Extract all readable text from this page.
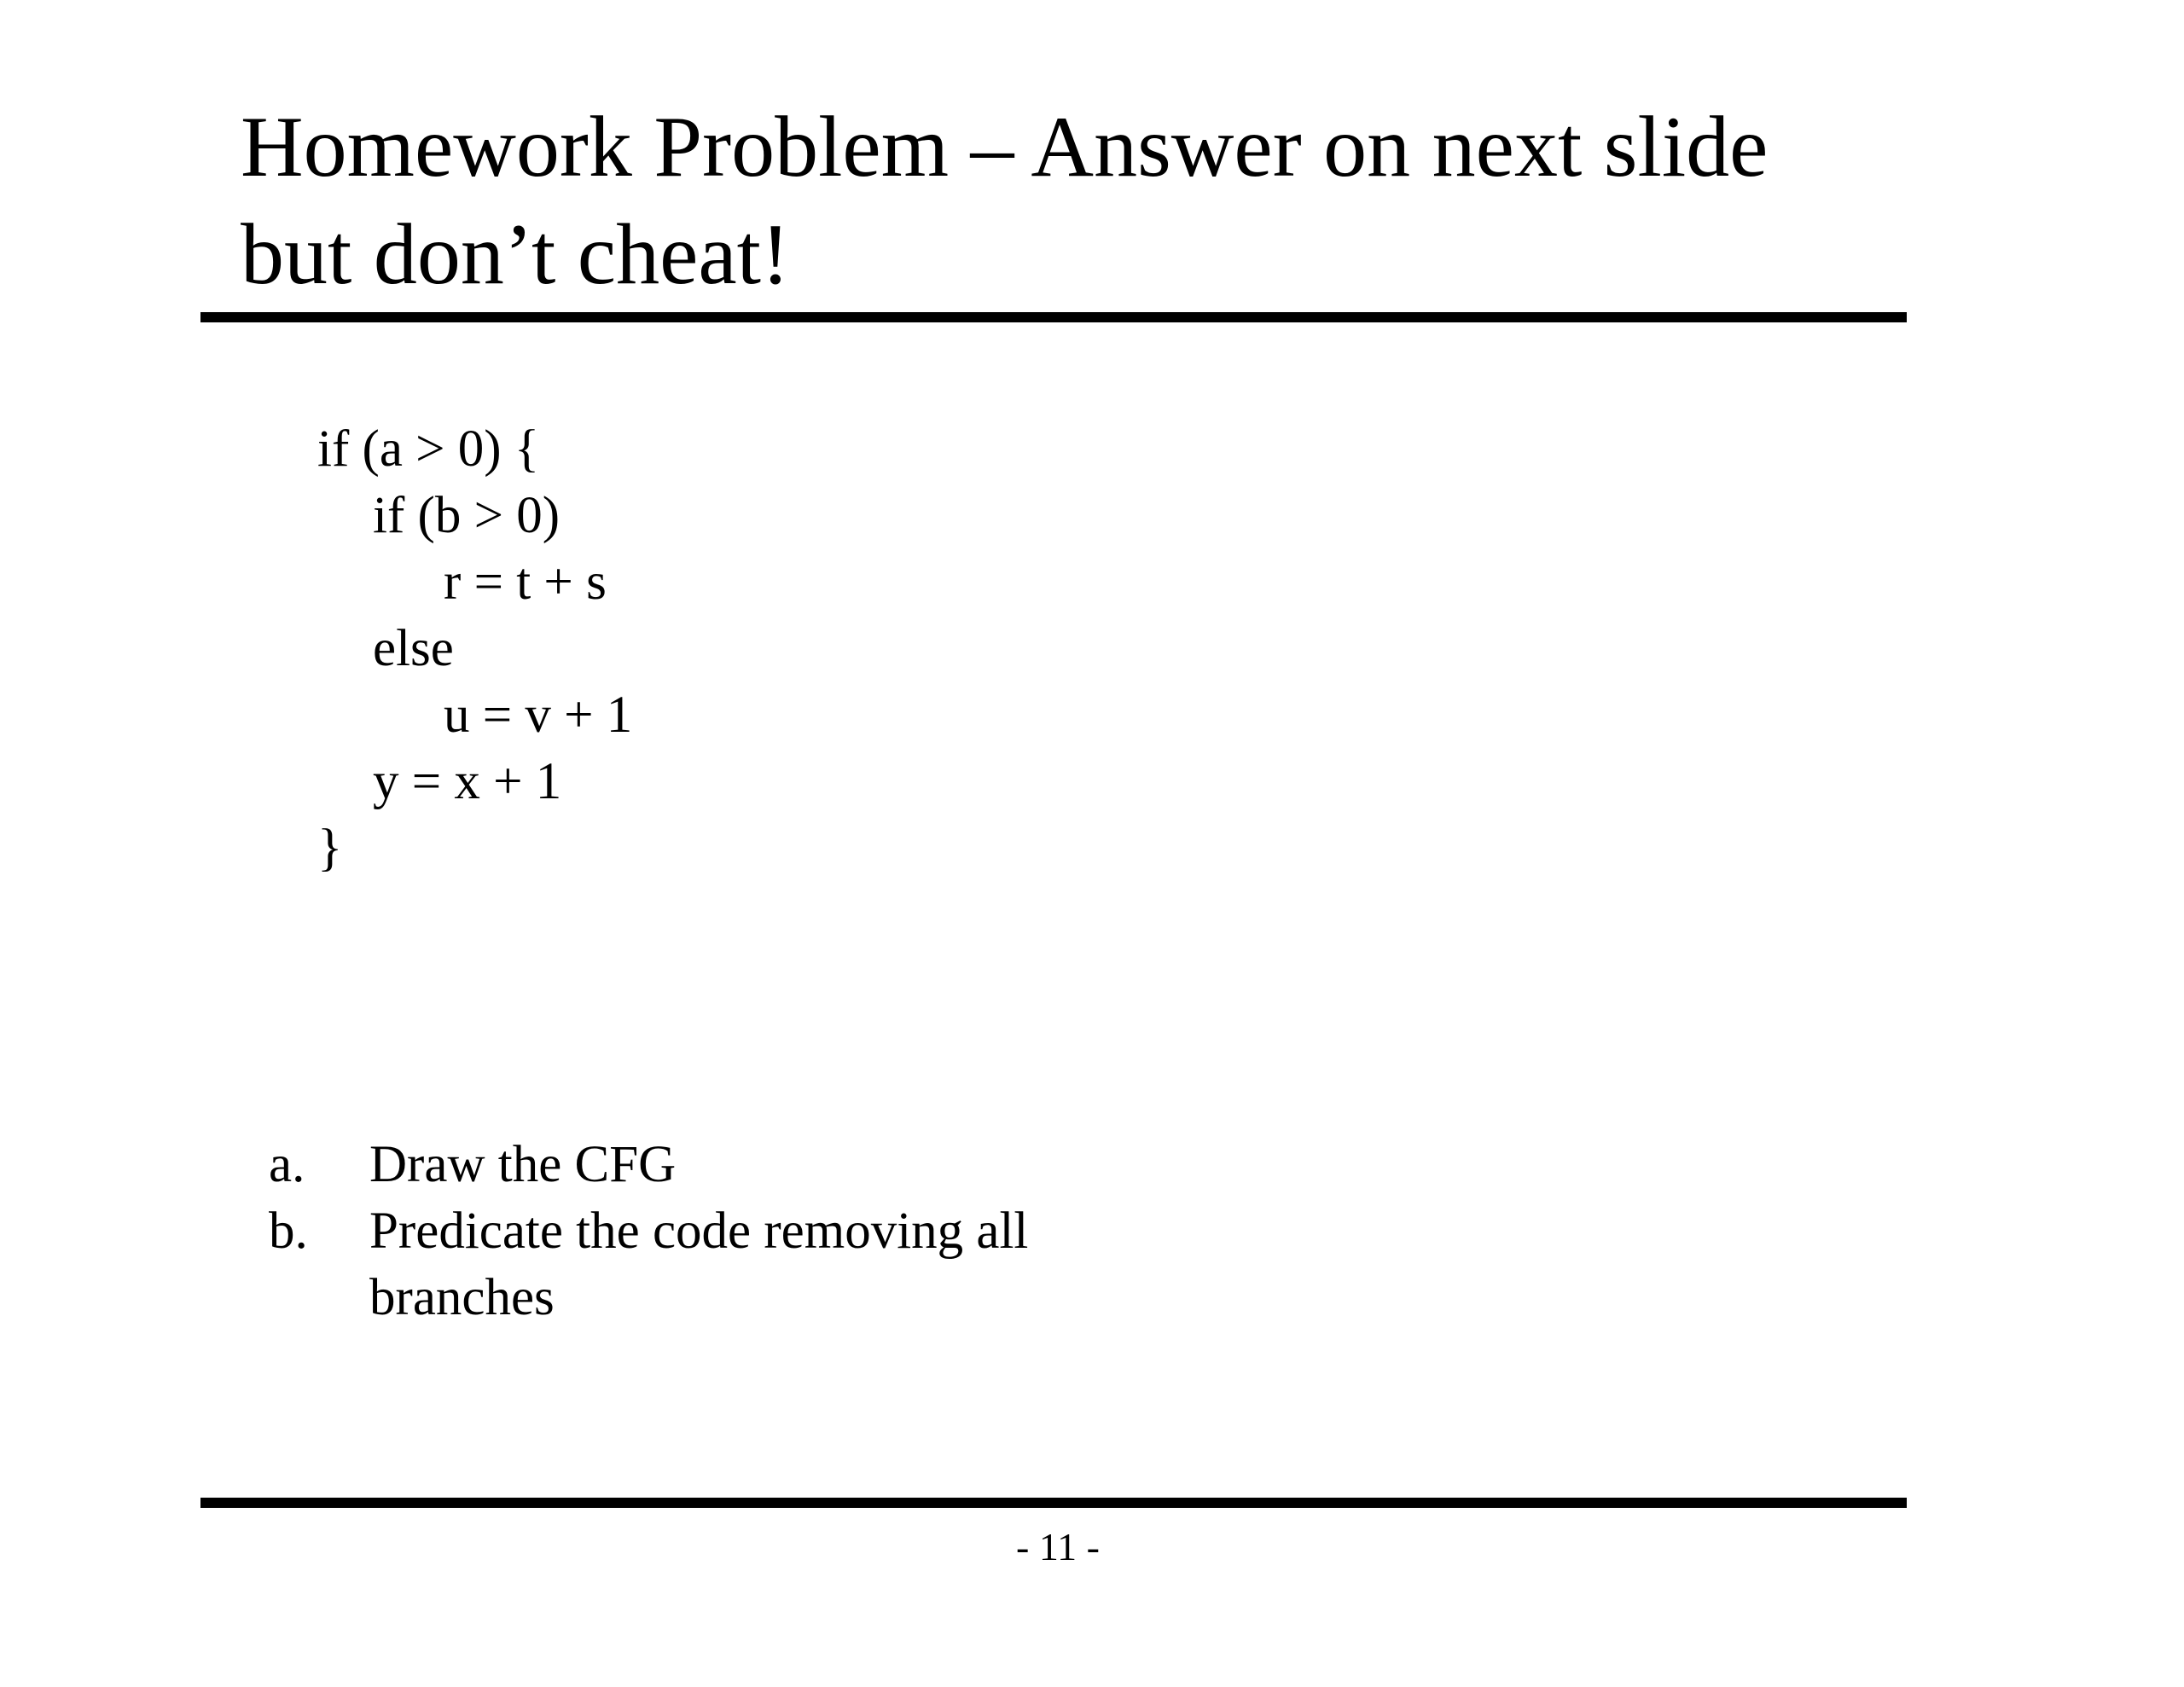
Homework Problem – Answer on next slide
but don’t cheat!
if (a > 0) {
if (b > 0)
r = t + s
else
u = v + 1
y = x + 1
}
a.	Draw the CFG
b.	Predicate the code removing all branches
- 11 -
